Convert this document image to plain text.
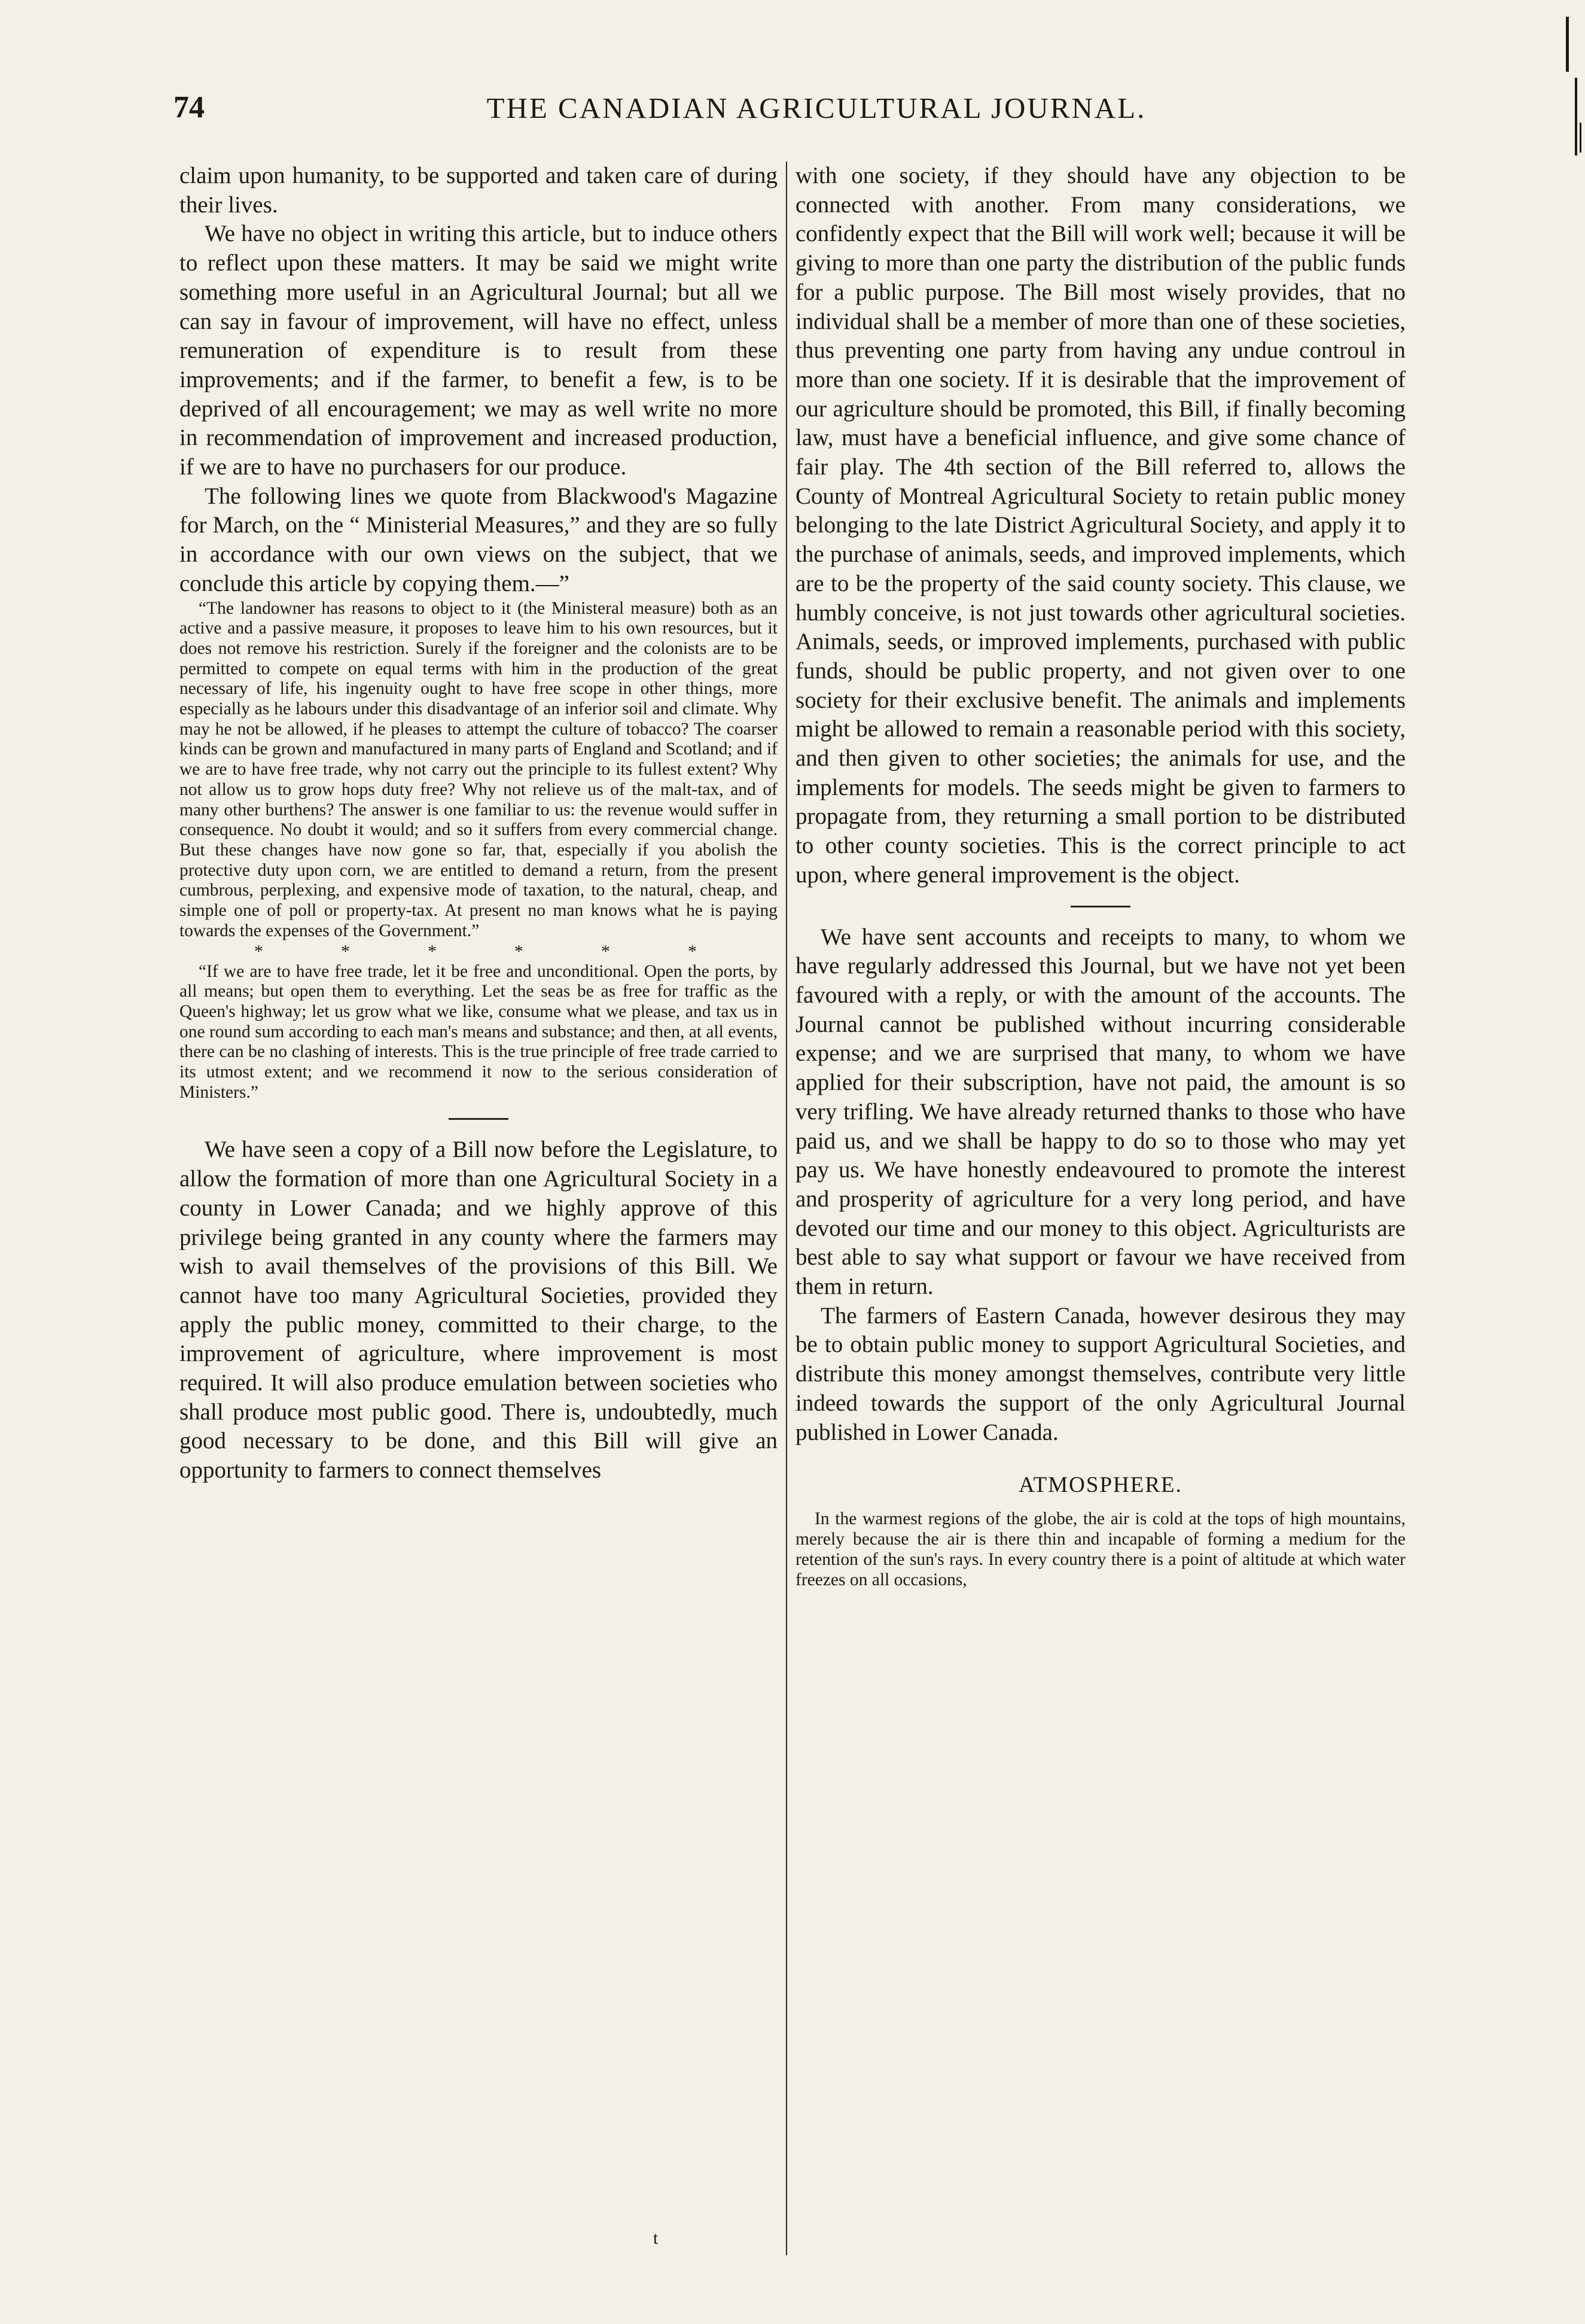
74	THE CANADIAN AGRICULTURAL JOURNAL.

claim upon humanity, to be supported and taken care of during their lives.

We have no object in writing this article, but to induce others to reflect upon these matters. It may be said we might write something more useful in an Agricultural Journal; but all we can say in favour of improvement, will have no effect, unless remuneration of expenditure is to result from these improvements; and if the farmer, to benefit a few, is to be deprived of all encouragement; we may as well write no more in recommendation of improvement and increased production, if we are to have no purchasers for our produce.

The following lines we quote from Blackwood's Magazine for March, on the “ Ministerial Measures,” and they are so fully in accordance with our own views on the subject, that we conclude this article by copying them.—”

“The landowner has reasons to object to it (the Ministeral measure) both as an active and a passive measure, it proposes to leave him to his own resources, but it does not remove his restriction. Surely if the foreigner and the colonists are to be permitted to compete on equal terms with him in the production of the great necessary of life, his ingenuity ought to have free scope in other things, more especially as he labours under this disadvantage of an inferior soil and climate. Why may he not be allowed, if he pleases to attempt the culture of tobacco? The coarser kinds can be grown and manufactured in many parts of England and Scotland; and if we are to have free trade, why not carry out the principle to its fullest extent? Why not allow us to grow hops duty free? Why not relieve us of the malt-tax, and of many other burthens? The answer is one familiar to us: the revenue would suffer in consequence. No doubt it would; and so it suffers from every commercial change. But these changes have now gone so far, that, especially if you abolish the protective duty upon corn, we are entitled to demand a return, from the present cumbrous, perplexing, and expensive mode of taxation, to the natural, cheap, and simple one of poll or property-tax. At present no man knows what he is paying towards the expenses of the Government.”

*	*	*	*	*	*

“If we are to have free trade, let it be free and unconditional. Open the ports, by all means; but open them to everything. Let the seas be as free for traffic as the Queen's highway; let us grow what we like, consume what we please, and tax us in one round sum according to each man's means and substance; and then, at all events, there can be no clashing of interests. This is the true principle of free trade carried to its utmost extent; and we recommend it now to the serious consideration of Ministers.”

We have seen a copy of a Bill now before the Legislature, to allow the formation of more than one Agricultural Society in a county in Lower Canada; and we highly approve of this privilege being granted in any county where the farmers may wish to avail themselves of the provisions of this Bill. We cannot have too many Agricultural Societies, provided they apply the public money, committed to their charge, to the improvement of agriculture, where improvement is most required. It will also produce emulation between societies who shall produce most public good. There is, undoubtedly, much good necessary to be done, and this Bill will give an opportunity to farmers to connect themselves

with one society, if they should have any objection to be connected with another. From many considerations, we confidently expect that the Bill will work well; because it will be giving to more than one party the distribution of the public funds for a public purpose. The Bill most wisely provides, that no individual shall be a member of more than one of these societies, thus preventing one party from having any undue controul in more than one society. If it is desirable that the improvement of our agriculture should be promoted, this Bill, if finally becoming law, must have a beneficial influence, and give some chance of fair play. The 4th section of the Bill referred to, allows the County of Montreal Agricultural Society to retain public money belonging to the late District Agricultural Society, and apply it to the purchase of animals, seeds, and improved implements, which are to be the property of the said county society. This clause, we humbly conceive, is not just towards other agricultural societies. Animals, seeds, or improved implements, purchased with public funds, should be public property, and not given over to one society for their exclusive benefit. The animals and implements might be allowed to remain a reasonable period with this society, and then given to other societies; the animals for use, and the implements for models. The seeds might be given to farmers to propagate from, they returning a small portion to be distributed to other county societies. This is the correct principle to act upon, where general improvement is the object.

We have sent accounts and receipts to many, to whom we have regularly addressed this Journal, but we have not yet been favoured with a reply, or with the amount of the accounts. The Journal cannot be published without incurring considerable expense; and we are surprised that many, to whom we have applied for their subscription, have not paid, the amount is so very trifling. We have already returned thanks to those who have paid us, and we shall be happy to do so to those who may yet pay us. We have honestly endeavoured to promote the interest and prosperity of agriculture for a very long period, and have devoted our time and our money to this object. Agriculturists are best able to say what support or favour we have received from them in return.

The farmers of Eastern Canada, however desirous they may be to obtain public money to support Agricultural Societies, and distribute this money amongst themselves, contribute very little indeed towards the support of the only Agricultural Journal published in Lower Canada.

ATMOSPHERE.

In the warmest regions of the globe, the air is cold at the tops of high mountains, merely because the air is there thin and incapable of forming a medium for the retention of the sun's rays. In every country there is a point of altitude at which water freezes on all occasions,

t
